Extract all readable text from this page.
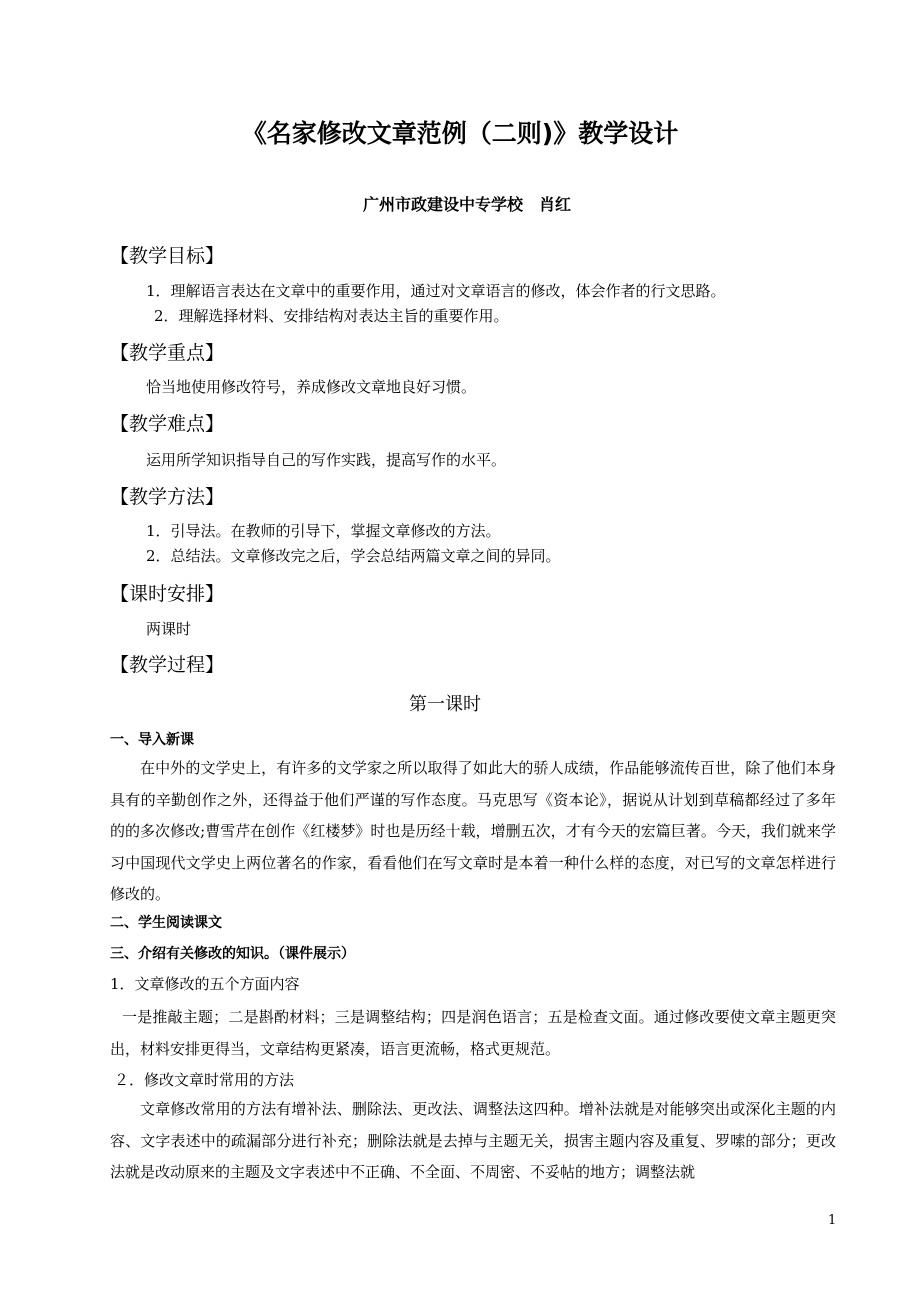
《名家修改文章范例（二则)》教学设计
广州市政建设中专学校　肖红
【教学目标】
1．理解语言表达在文章中的重要作用，通过对文章语言的修改，体会作者的行文思路。
2．理解选择材料、安排结构对表达主旨的重要作用。
【教学重点】
恰当地使用修改符号，养成修改文章地良好习惯。
【教学难点】
运用所学知识指导自己的写作实践，提高写作的水平。
【教学方法】
1．引导法。在教师的引导下，掌握文章修改的方法。
2．总结法。文章修改完之后，学会总结两篇文章之间的异同。
【课时安排】
两课时
【教学过程】
第一课时
一、导入新课
在中外的文学史上，有许多的文学家之所以取得了如此大的骄人成绩，作品能够流传百世，除了他们本身具有的辛勤创作之外，还得益于他们严谨的写作态度。马克思写《资本论》，据说从计划到草稿都经过了多年的的多次修改;曹雪芹在创作《红楼梦》时也是历经十载，增删五次，才有今天的宏篇巨著。今天，我们就来学习中国现代文学史上两位著名的作家，看看他们在写文章时是本着一种什么样的态度，对已写的文章怎样进行修改的。
二、学生阅读课文
三、介绍有关修改的知识。（课件展示）
1．文章修改的五个方面内容
一是推敲主题；二是斟酌材料；三是调整结构；四是润色语言；五是检查文面。通过修改要使文章主题更突出，材料安排更得当，文章结构更紧凑，语言更流畅，格式更规范。
２．修改文章时常用的方法
文章修改常用的方法有增补法、删除法、更改法、调整法这四种。增补法就是对能够突出或深化主题的内容、文字表述中的疏漏部分进行补充；删除法就是去掉与主题无关，损害主题内容及重复、罗嗦的部分；更改法就是改动原来的主题及文字表述中不正确、不全面、不周密、不妥帖的地方；调整法就
1
